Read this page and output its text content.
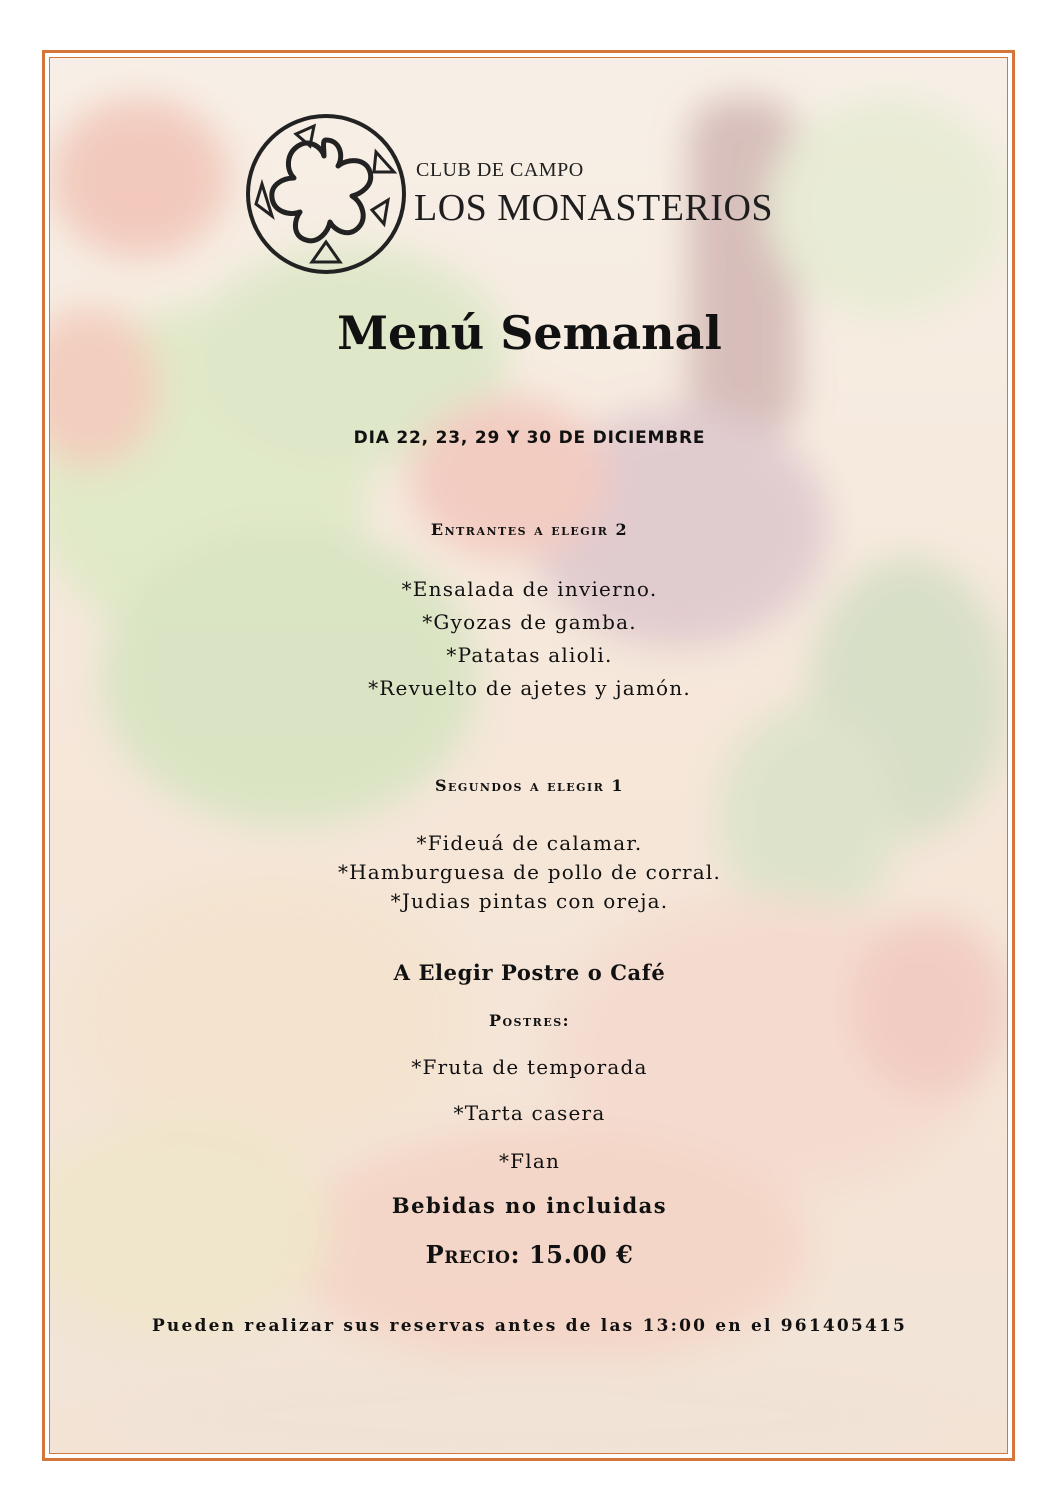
CLUB DE CAMPO
LOS MONASTERIOS
Menú Semanal
DIA 22, 23, 29 Y 30 DE DICIEMBRE
Entrantes a elegir 2
*Ensalada de invierno.
*Gyozas de gamba.
*Patatas alioli.
*Revuelto de ajetes y jamón.
Segundos a elegir 1
*Fideuá de calamar.
*Hamburguesa de pollo de corral.
*Judias pintas con oreja.
A Elegir Postre o Café
Postres:
*Fruta de temporada
*Tarta casera
*Flan
Bebidas no incluidas
Precio: 15.00 €
Pueden realizar sus reservas antes de las 13:00 en el 961405415
